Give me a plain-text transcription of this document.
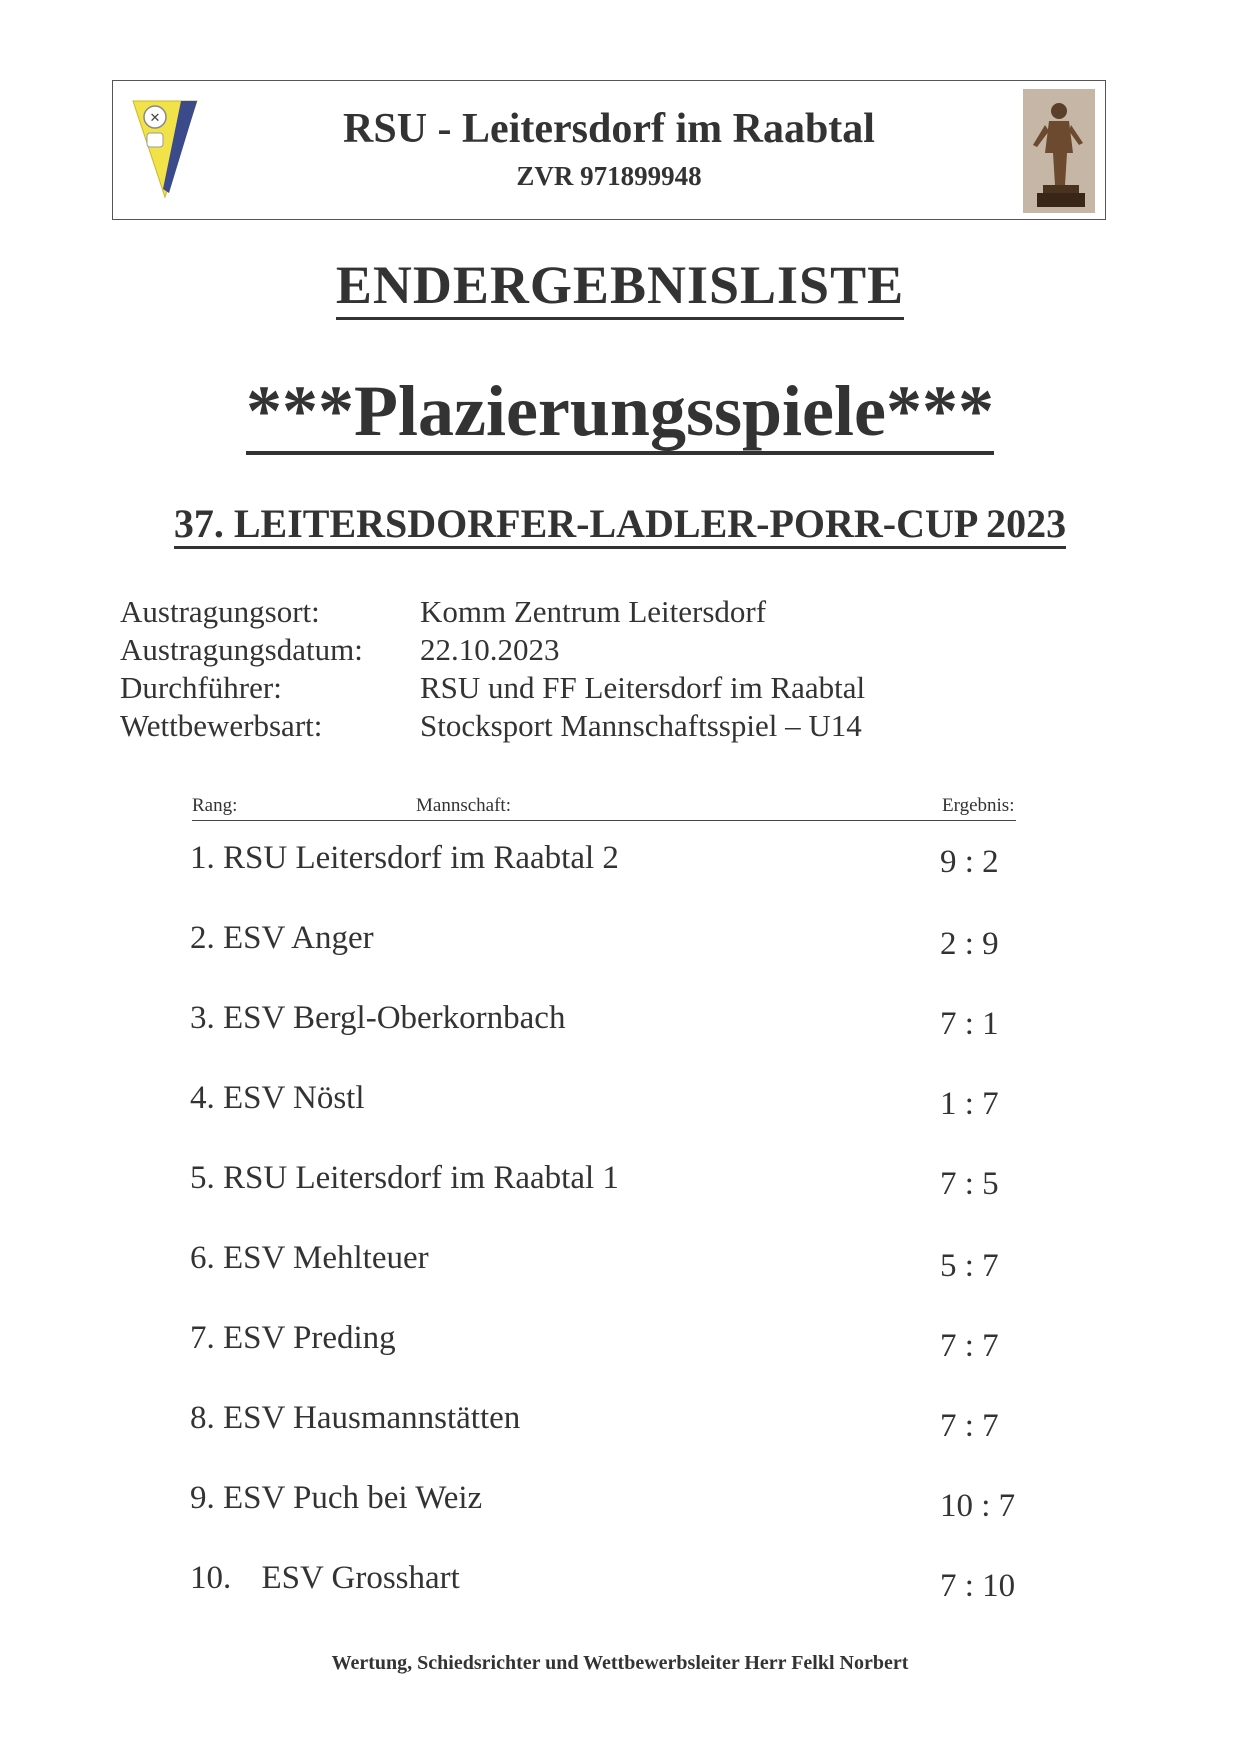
✕	RSU - Leitersdorf im Raabtal
ZVR 971899948
ENDERGEBNISLISTE
***Plazierungsspiele***
37. LEITERSDORFER-LADLER-PORR-CUP 2023
Austragungsort:	Komm Zentrum Leitersdorf
Austragungsdatum: 22.10.2023
Durchführer:	RSU und FF Leitersdorf im Raabtal
Wettbewerbsart:	Stocksport Mannschaftsspiel – U14
Rang:	Mannschaft:	Ergebnis:
1. RSU Leitersdorf im Raabtal 2	9 : 2
2. ESV Anger	2 : 9
3. ESV Bergl-Oberkornbach	7 : 1
4. ESV Nöstl	1 : 7
5. RSU Leitersdorf im Raabtal 1	7 : 5
6. ESV Mehlteuer	5 : 7
7. ESV Preding	7 : 7
8. ESV Hausmannstätten	7 : 7
9. ESV Puch bei Weiz	10 : 7
10. ESV Grosshart	7 : 10
Wertung, Schiedsrichter und Wettbewerbsleiter Herr Felkl Norbert
